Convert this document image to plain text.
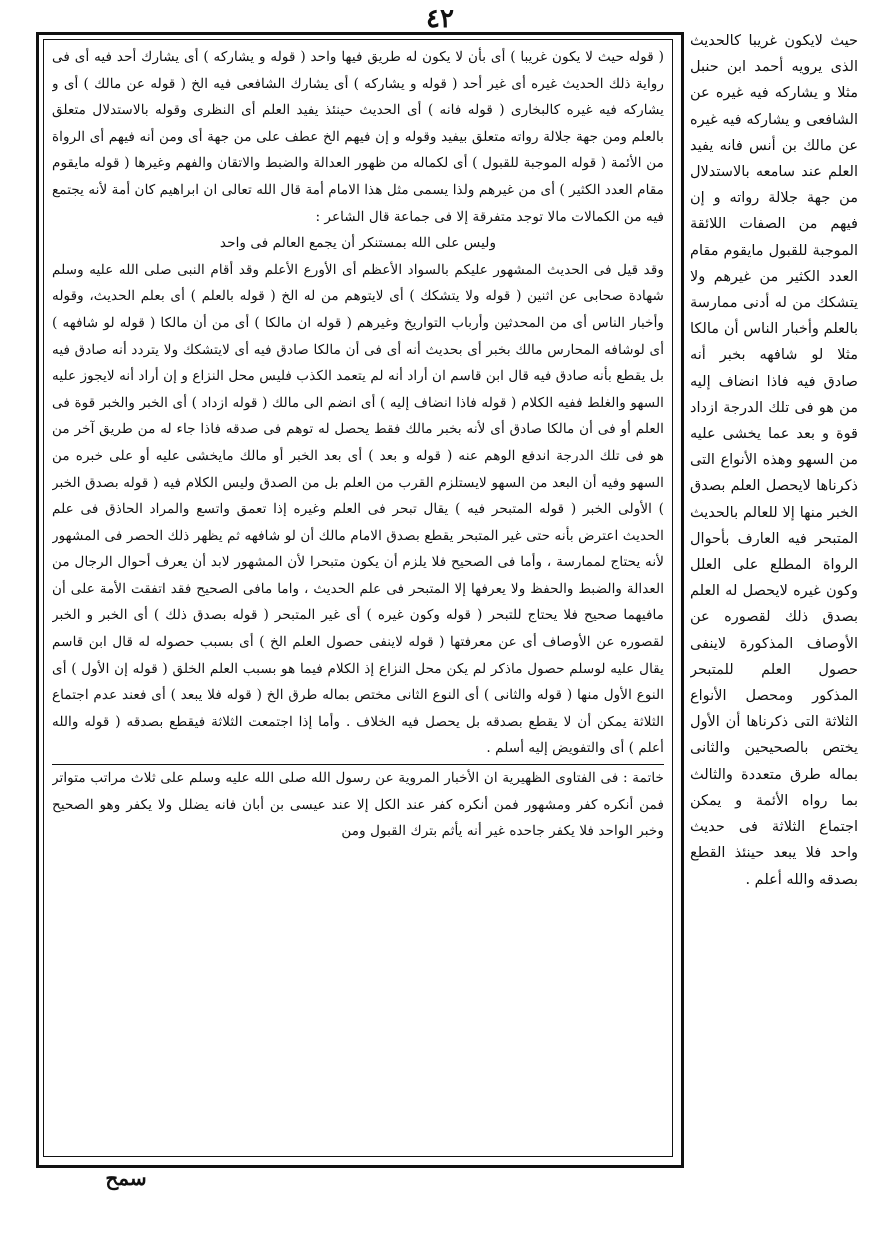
٤٢

( قوله حيث لا يكون غريبا ) أى بأن لا يكون له طريق فيها واحد ( قوله و يشاركه ) أى يشارك أحد فيه أى فى رواية ذلك الحديث غيره أى غير أحد ( قوله و يشاركه ) أى يشارك الشافعى فيه الخ ( قوله عن مالك ) أى و يشاركه فيه غيره كالبخارى ( قوله فانه ) أى الحديث حينئذ يفيد العلم أى النظرى وقوله بالاستدلال متعلق بالعلم ومن جهة جلالة رواته متعلق بيفيد وقوله و إن فيهم الخ عطف على من جهة أى ومن أنه فيهم أى الرواة من الأئمة ( قوله الموجبة للقبول ) أى لكماله من ظهور العدالة والضبط والاتقان والفهم وغيرها ( قوله مايقوم مقام العدد الكثير ) أى من غيرهم ولذا يسمى مثل هذا الامام أمة قال الله تعالى ان ابراهيم كان أمة لأنه يجتمع فيه من الكمالات مالا توجد متفرقة إلا فى جماعة قال الشاعر :

وليس على الله بمستنكر أن يجمع العالم فى واحد

وقد قيل فى الحديث المشهور عليكم بالسواد الأعظم أى الأورع الأعلم وقد أقام النبى صلى الله عليه وسلم شهادة صحابى عن اثنين ( قوله ولا يتشكك ) أى لايتوهم من له الخ ( قوله بالعلم ) أى بعلم الحديث، وقوله وأخبار الناس أى من المحدثين وأرباب التواريخ وغيرهم ( قوله ان مالكا ) أى من أن مالكا ( قوله لو شافهه ) أى لوشافه المحارس مالك بخبر أى بحديث أنه أى فى أن مالكا صادق فيه أى لايتشكك ولا يتردد أنه صادق فيه بل يقطع بأنه صادق فيه قال ابن قاسم ان أراد أنه لم يتعمد الكذب فليس محل النزاع و إن أراد أنه لايجوز عليه السهو والغلط ففيه الكلام ( قوله فاذا انضاف إليه ) أى انضم الى مالك ( قوله ازداد ) أى الخبر والخبر قوة فى العلم أو فى أن مالكا صادق أى لأنه بخبر مالك فقط يحصل له توهم فى صدقه فاذا جاء له من طريق آخر من هو فى تلك الدرجة اندفع الوهم عنه ( قوله و بعد ) أى بعد الخبر أو مالك مايخشى عليه أو على خبره من السهو وفيه أن البعد من السهو لايستلزم القرب من العلم بل من الصدق وليس الكلام فيه ( قوله بصدق الخبر ) الأولى الخبر ( قوله المتبحر فيه ) يقال تبحر فى العلم وغيره إذا تعمق واتسع والمراد الحاذق فى علم الحديث اعترض بأنه حتى غير المتبحر يقطع بصدق الامام مالك أن لو شافهه ثم يظهر ذلك الحصر فى المشهور لأنه يحتاج لممارسة ، وأما فى الصحيح فلا يلزم أن يكون متبحرا لأن المشهور لابد أن يعرف أحوال الرجال من العدالة والضبط والحفظ ولا يعرفها إلا المتبحر فى علم الحديث ، واما مافى الصحيح فقد اتفقت الأمة على أن مافيهما صحيح فلا يحتاج للتبحر ( قوله وكون غيره ) أى غير المتبحر ( قوله بصدق ذلك ) أى الخبر و الخبر لقصوره عن الأوصاف أى عن معرفتها ( قوله لاينفى حصول العلم الخ ) أى بسبب حصوله له قال ابن قاسم يقال عليه لوسلم حصول ماذكر لم يكن محل النزاع إذ الكلام فيما هو بسبب العلم الخلق ( قوله إن الأول ) أى النوع الأول منها ( قوله والثانى ) أى النوع الثانى مختص بماله طرق الخ ( قوله فلا يبعد ) أى فعند عدم اجتماع الثلاثة يمكن أن لا يقطع بصدقه بل يحصل فيه الخلاف . وأما إذا اجتمعت الثلاثة فيقطع بصدقه ( قوله والله أعلم ) أى والتفويض إليه أسلم .

خاتمة : فى الفتاوى الظهيرية ان الأخبار المروية عن رسول الله صلى الله عليه وسلم على ثلاث مراتب متواتر فمن أنكره كفر ومشهور فمن أنكره كفر عند الكل إلا عند عيسى بن أبان فانه يضلل ولا يكفر وهو الصحيح وخبر الواحد فلا يكفر جاحده غير أنه يأثم بترك القبول ومن

حيث لايكون غريبا كالحديث الذى يرويه أحمد ابن حنبل مثلا و يشاركه فيه غيره عن الشافعى و يشاركه فيه غيره عن مالك بن أنس فانه يفيد العلم عند سامعه بالاستدلال من جهة جلالة رواته و إن فيهم من الصفات اللائقة الموجبة للقبول مايقوم مقام العدد الكثير من غيرهم ولا يتشكك من له أدنى ممارسة بالعلم وأخبار الناس أن مالكا مثلا لو شافهه بخبر أنه صادق فيه فاذا انضاف إليه من هو فى تلك الدرجة ازداد قوة و بعد عما يخشى عليه من السهو وهذه الأنواع التى ذكرناها لايحصل العلم بصدق الخبر منها إلا للعالم بالحديث المتبحر فيه العارف بأحوال الرواة المطلع على العلل وكون غيره لايحصل له العلم بصدق ذلك لقصوره عن الأوصاف المذكورة لاينفى حصول العلم للمتبحر المذكور ومحصل الأنواع الثلاثة التى ذكرناها أن الأول يختص بالصحيحين والثانى بماله طرق متعددة والثالث بما رواه الأئمة و يمكن اجتماع الثلاثة فى حديث واحد فلا يبعد حينئذ القطع بصدقه والله أعلم .
سمح
